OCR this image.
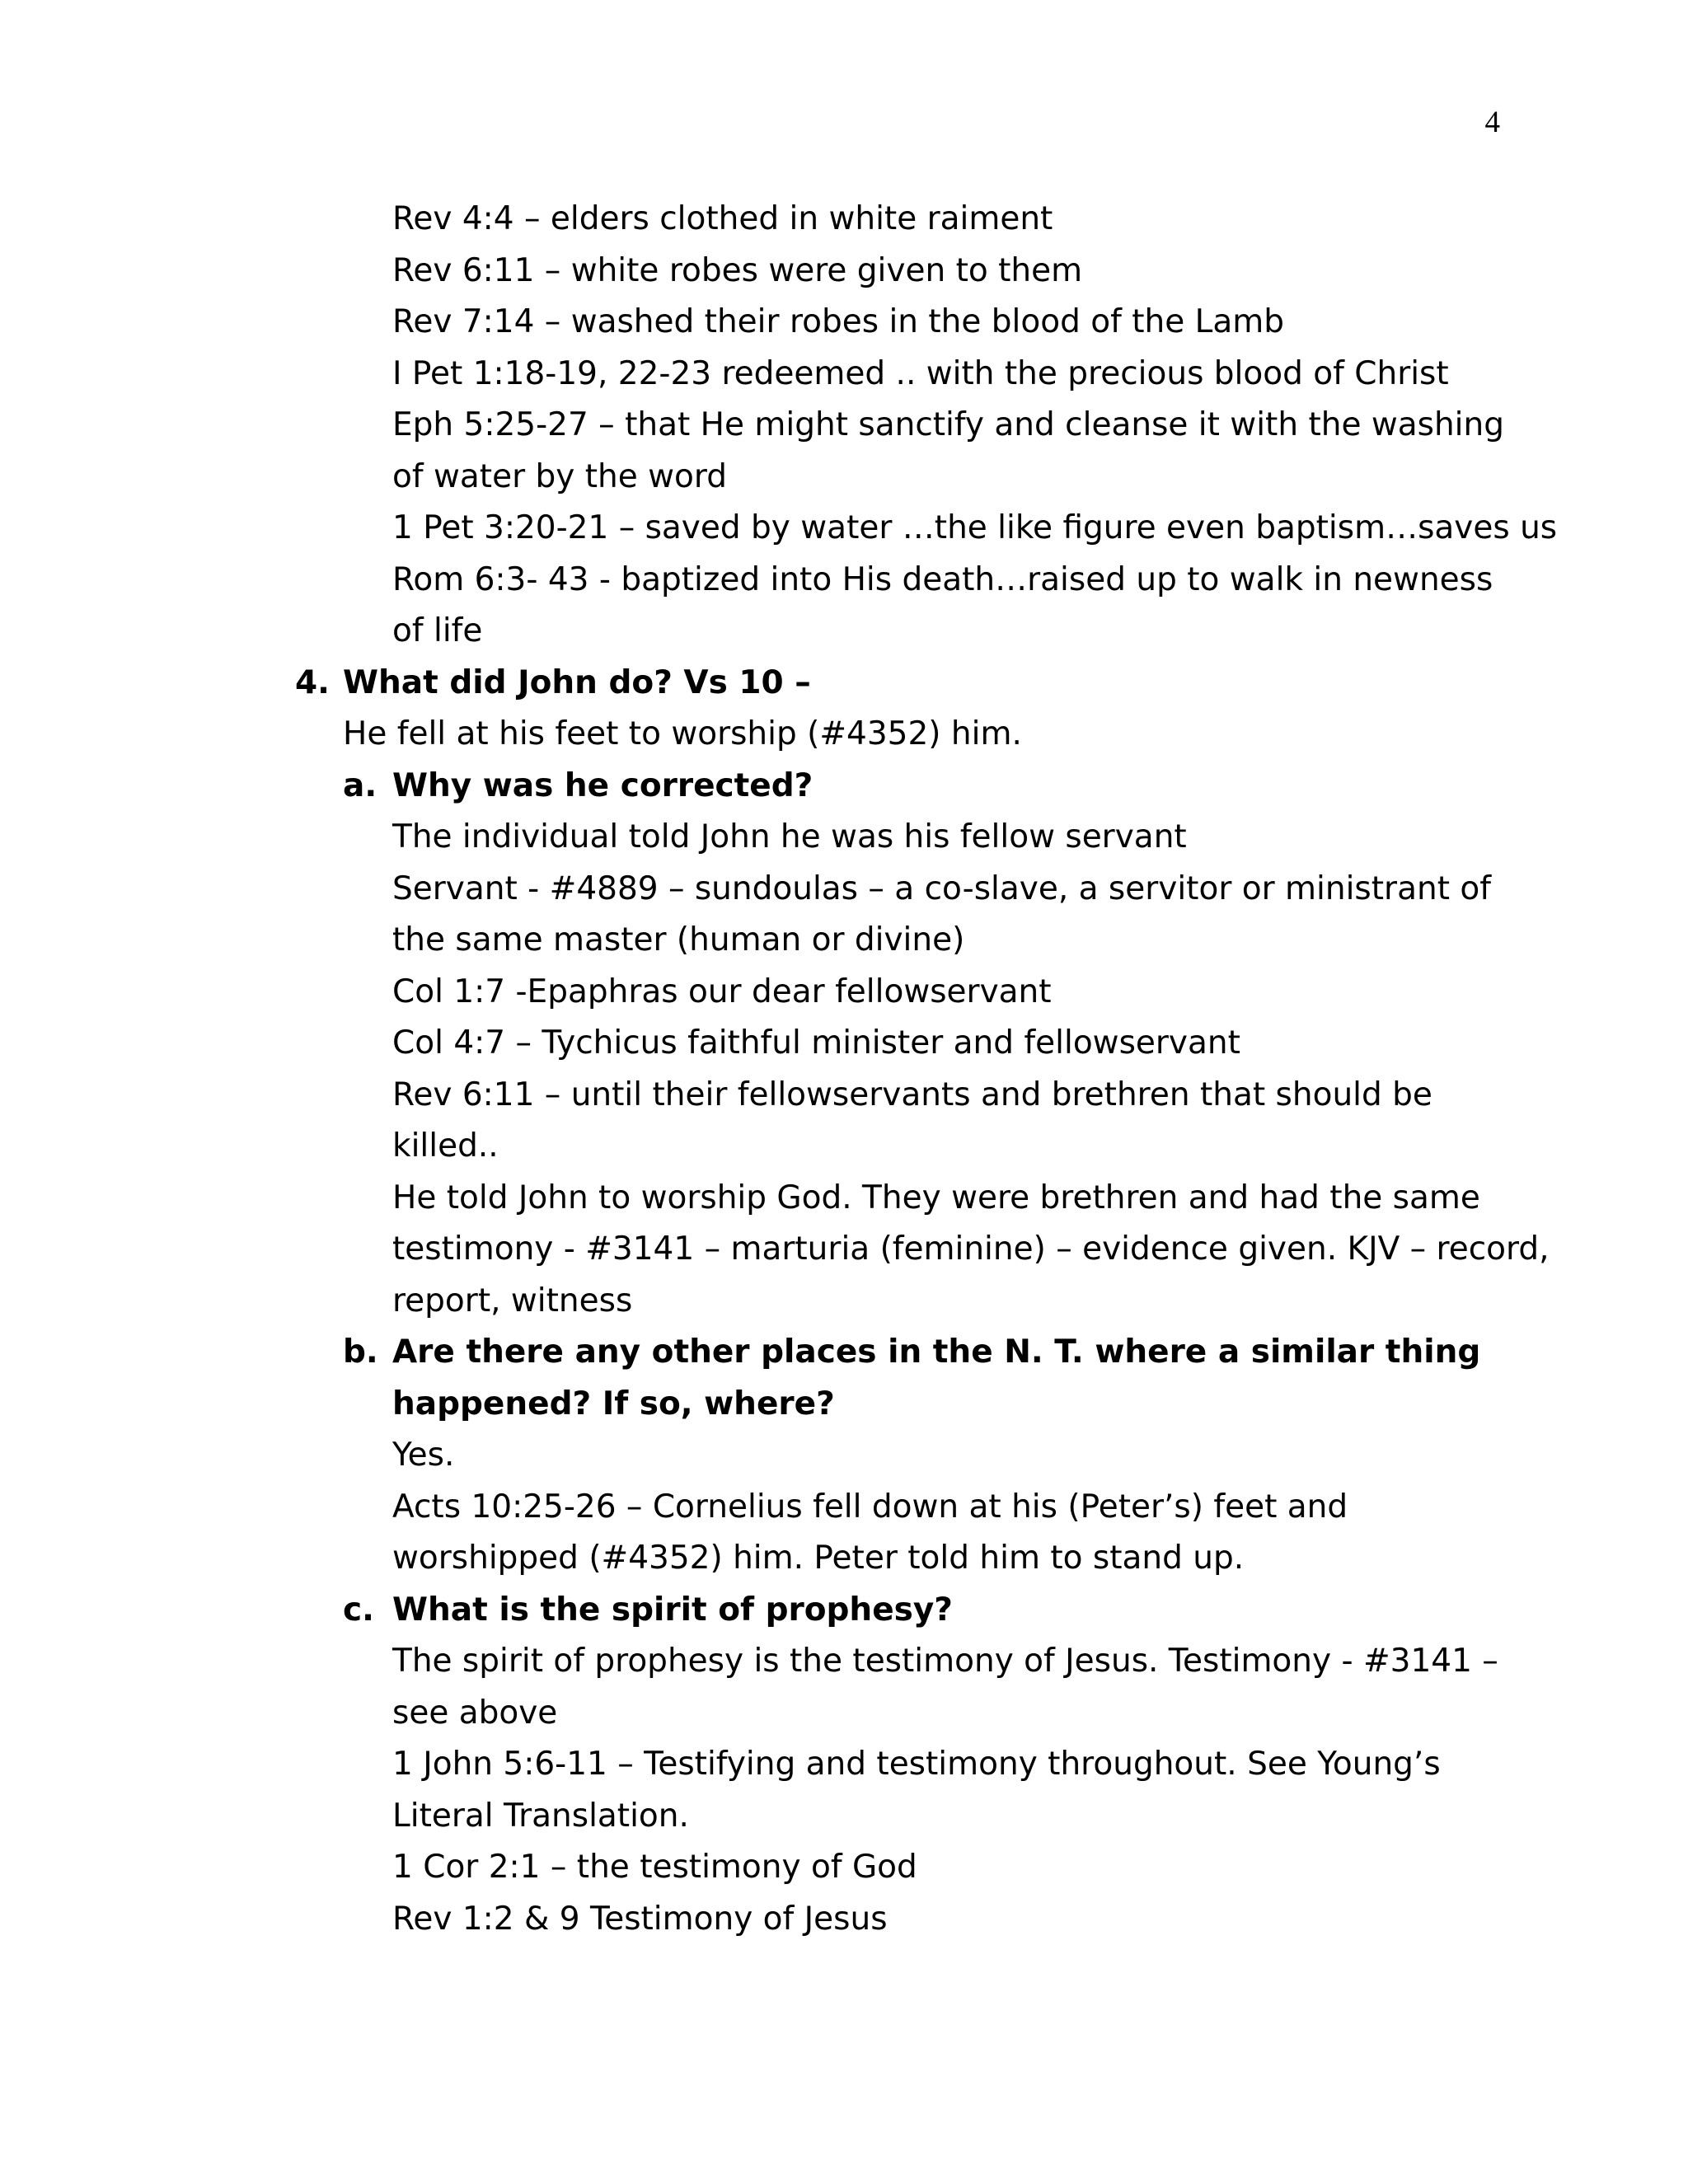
4
Rev 4:4 – elders clothed in white raiment
Rev 6:11 – white robes were given to them
Rev 7:14 – washed their robes in the blood of the Lamb
I Pet 1:18-19, 22-23 redeemed .. with the precious blood of Christ
Eph 5:25-27 – that He might sanctify and cleanse it with the washing
of water by the word
1 Pet 3:20-21 – saved by water …the like figure even baptism…saves us
Rom 6:3- 43 - baptized into His death…raised up to walk in newness
of life
4. What did John do? Vs 10 –
He fell at his feet to worship (#4352) him.
a. Why was he corrected?
The individual told John he was his fellow servant
Servant - #4889 – sundoulas – a co-slave, a servitor or ministrant of
the same master (human or divine)
Col 1:7 -Epaphras our dear fellowservant
Col 4:7 – Tychicus faithful minister and fellowservant
Rev 6:11 – until their fellowservants and brethren that should be
killed..
He told John to worship God. They were brethren and had the same
testimony - #3141 – marturia (feminine) – evidence given. KJV – record,
report, witness
b. Are there any other places in the N. T. where a similar thing
happened? If so, where?
Yes.
Acts 10:25-26 – Cornelius fell down at his (Peter’s) feet and
worshipped (#4352) him. Peter told him to stand up.
c. What is the spirit of prophesy?
The spirit of prophesy is the testimony of Jesus. Testimony - #3141 –
see above
1 John 5:6-11 – Testifying and testimony throughout. See Young’s
Literal Translation.
1 Cor 2:1 – the testimony of God
Rev 1:2 & 9 Testimony of Jesus
